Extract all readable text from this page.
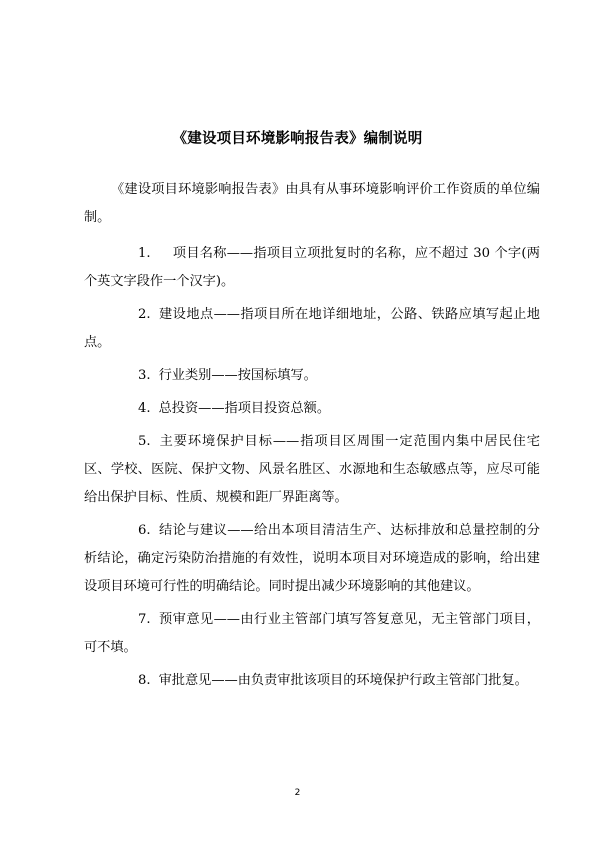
《建设项目环境影响报告表》编制说明

《建设项目环境影响报告表》由具有从事环境影响评价工作资质的单位编制。

1. 项目名称——指项目立项批复时的名称，应不超过 30 个字(两个英文字段作一个汉字)。

2. 建设地点——指项目所在地详细地址，公路、铁路应填写起止地点。

3. 行业类别——按国标填写。

4. 总投资——指项目投资总额。

5. 主要环境保护目标——指项目区周围一定范围内集中居民住宅区、学校、医院、保护文物、风景名胜区、水源地和生态敏感点等，应尽可能给出保护目标、性质、规模和距厂界距离等。

6. 结论与建议——给出本项目清洁生产、达标排放和总量控制的分析结论，确定污染防治措施的有效性，说明本项目对环境造成的影响，给出建设项目环境可行性的明确结论。同时提出减少环境影响的其他建议。

7. 预审意见——由行业主管部门填写答复意见，无主管部门项目，可不填。

8. 审批意见——由负责审批该项目的环境保护行政主管部门批复。

2
